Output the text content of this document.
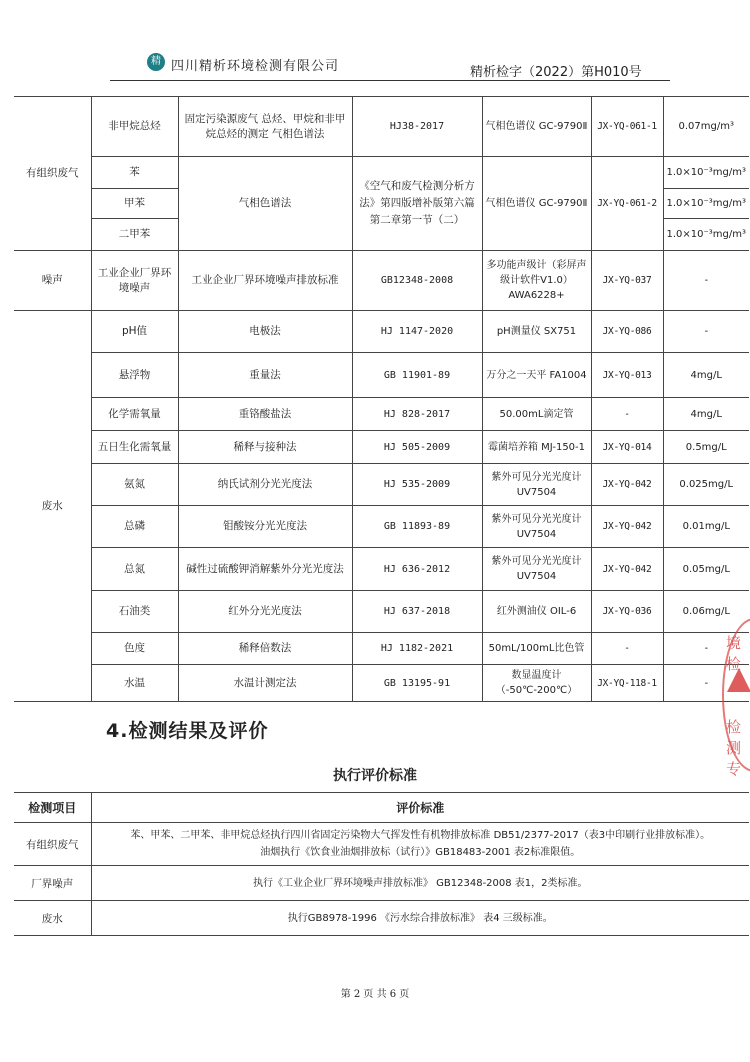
精 四川精析环境检测有限公司	精析检字（2022）第H010号
有组织废气	非甲烷总烃	固定污染源废气 总烃、甲烷和非甲烷总烃的测定 气相色谱法	HJ38-2017	气相色谱仪 GC-9790Ⅱ	JX-YQ-061-1	0.07mg/m³
	苯	气相色谱法	《空气和废气检测分析方法》第四版增补版第六篇第二章第一节（二）	气相色谱仪 GC-9790Ⅱ	JX-YQ-061-2	1.0×10⁻³mg/m³
	甲苯					1.0×10⁻³mg/m³
	二甲苯					1.0×10⁻³mg/m³
噪声	工业企业厂界环境噪声	工业企业厂界环境噪声排放标准	GB12348-2008	多功能声级计（彩屏声级计软件V1.0）AWA6228+	JX-YQ-037	-
废水	pH值	电极法	HJ 1147-2020	pH测量仪 SX751	JX-YQ-086	-
	悬浮物	重量法	GB 11901-89	万分之一天平 FA1004	JX-YQ-013	4mg/L
	化学需氧量	重铬酸盐法	HJ 828-2017	50.00mL滴定管	-	4mg/L
	五日生化需氧量	稀释与接种法	HJ 505-2009	霉菌培养箱 MJ-150-1	JX-YQ-014	0.5mg/L
	氨氮	纳氏试剂分光光度法	HJ 535-2009	紫外可见分光光度计 UV7504	JX-YQ-042	0.025mg/L
	总磷	钼酸铵分光光度法	GB 11893-89	紫外可见分光光度计 UV7504	JX-YQ-042	0.01mg/L
	总氮	碱性过硫酸钾消解紫外分光光度法	HJ 636-2012	紫外可见分光光度计 UV7504	JX-YQ-042	0.05mg/L
	石油类	红外分光光度法	HJ 637-2018	红外测油仪 OIL-6	JX-YQ-036	0.06mg/L
	色度	稀释倍数法	HJ 1182-2021	50mL/100mL比色管	-	-
	水温	水温计测定法	GB 13195-91	数显温度计（-50℃-200℃）	JX-YQ-118-1	-
4.检测结果及评价
执行评价标准
检测项目	评价标准
有组织废气	苯、甲苯、二甲苯、非甲烷总烃执行四川省固定污染物大气挥发性有机物排放标准 DB51/2377-2017（表3中印刷行业排放标准）。
油烟执行《饮食业油烟排放标（试行）》GB18483-2001 表2标准限值。

厂界噪声	执行《工业企业厂界环境噪声排放标准》 GB12348-2008 表1，2类标准。
废水	执行GB8978-1996 《污水综合排放标准》 表4 三级标准。
第 2 页 共 6 页
境检
检测专
